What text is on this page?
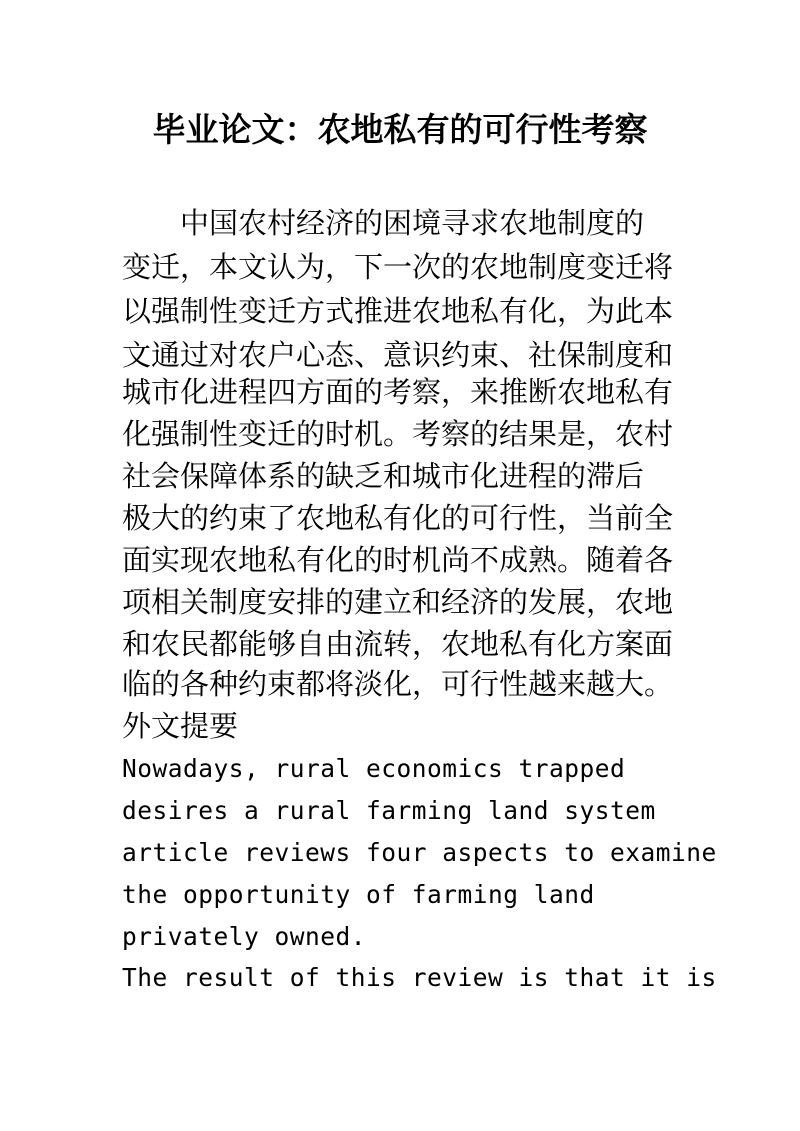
毕业论文：农地私有的可行性考察

　　中国农村经济的困境寻求农地制度的

变迁，本文认为，下一次的农地制度变迁将

以强制性变迁方式推进农地私有化，为此本

文通过对农户心态、意识约束、社保制度和

城市化进程四方面的考察，来推断农地私有

化强制性变迁的时机。考察的结果是，农村

社会保障体系的缺乏和城市化进程的滞后

极大的约束了农地私有化的可行性，当前全

面实现农地私有化的时机尚不成熟。随着各

项相关制度安排的建立和经济的发展，农地

和农民都能够自由流转，农地私有化方案面

临的各种约束都将淡化，可行性越来越大。

外文提要

Nowadays, rural economics trapped

desires a rural farming land system

article reviews four aspects to examine

the opportunity of farming land

privately owned.

The result of this review is that it is
